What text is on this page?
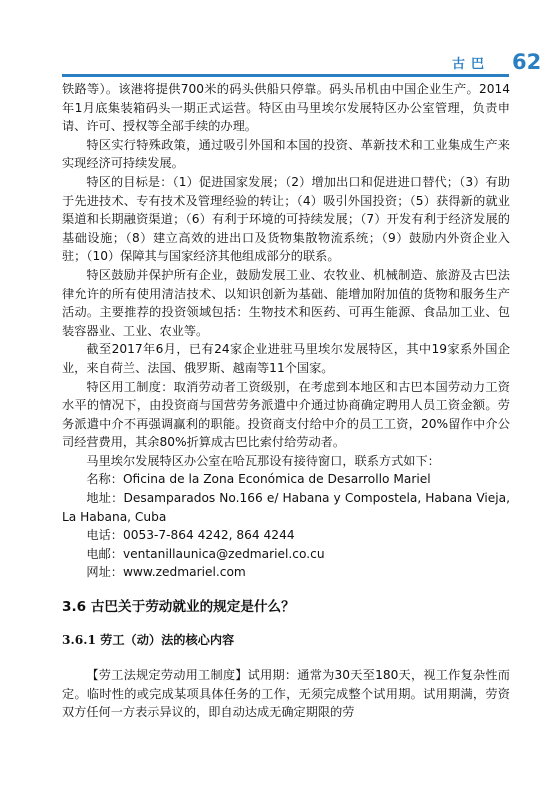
古巴 62

铁路等）。该港将提供700米的码头供船只停靠。码头吊机由中国企业生产。2014年1月底集装箱码头一期正式运营。特区由马里埃尔发展特区办公室管理，负责申请、许可、授权等全部手续的办理。

特区实行特殊政策，通过吸引外国和本国的投资、革新技术和工业集成生产来实现经济可持续发展。

特区的目标是：（1）促进国家发展；（2）增加出口和促进进口替代；（3）有助于先进技术、专有技术及管理经验的转让；（4）吸引外国投资；（5）获得新的就业渠道和长期融资渠道；（6）有利于环境的可持续发展；（7）开发有利于经济发展的基础设施；（8）建立高效的进出口及货物集散物流系统；（9）鼓励内外资企业入驻；（10）保障其与国家经济其他组成部分的联系。

特区鼓励并保护所有企业，鼓励发展工业、农牧业、机械制造、旅游及古巴法律允许的所有使用清洁技术、以知识创新为基础、能增加附加值的货物和服务生产活动。主要推荐的投资领域包括：生物技术和医药、可再生能源、食品加工业、包装容器业、工业、农业等。

截至2017年6月，已有24家企业进驻马里埃尔发展特区，其中19家系外国企业，来自荷兰、法国、俄罗斯、越南等11个国家。

特区用工制度：取消劳动者工资级别，在考虑到本地区和古巴本国劳动力工资水平的情况下，由投资商与国营劳务派遣中介通过协商确定聘用人员工资金额。劳务派遣中介不再强调赢利的职能。投资商支付给中介的员工工资，20%留作中介公司经营费用，其余80%折算成古巴比索付给劳动者。

马里埃尔发展特区办公室在哈瓦那设有接待窗口，联系方式如下：

名称：Oficina de la Zona Económica de Desarrollo Mariel

地址：Desamparados No.166 e/ Habana y Compostela, Habana Vieja, La Habana, Cuba

电话：0053-7-864 4242, 864 4244

电邮：ventanillaunica@zedmariel.co.cu

网址：www.zedmariel.com

3.6 古巴关于劳动就业的规定是什么？
3.6.1 劳工（动）法的核心内容

【劳工法规定劳动用工制度】试用期：通常为30天至180天，视工作复杂性而定。临时性的或完成某项具体任务的工作，无须完成整个试用期。试用期满，劳资双方任何一方表示异议的，即自动达成无确定期限的劳
